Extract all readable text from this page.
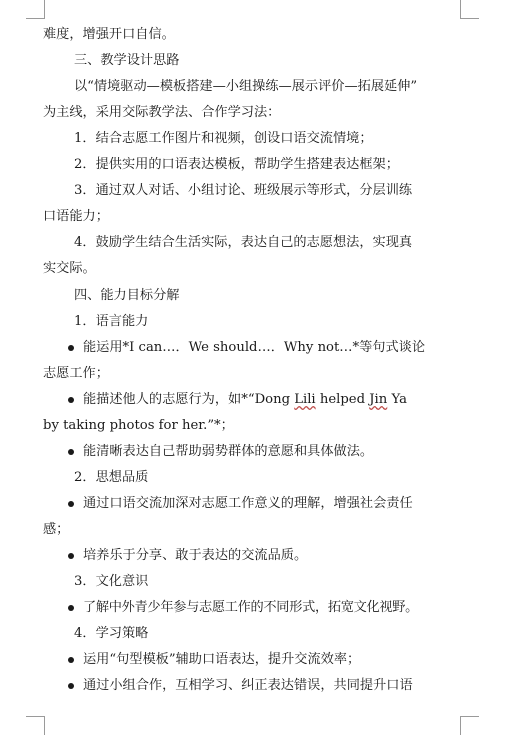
难度，增强开口自信。
三、教学设计思路
以“情境驱动—模板搭建—小组操练—展示评价—拓展延伸”
为主线，采用交际教学法、合作学习法：
1．结合志愿工作图片和视频，创设口语交流情境；
2．提供实用的口语表达模板，帮助学生搭建表达框架；
3．通过双人对话、小组讨论、班级展示等形式，分层训练
口语能力；
4．鼓励学生结合生活实际，表达自己的志愿想法，实现真
实交际。
四、能力目标分解
1．语言能力
能运用*I can…．We should…．Why not…*等句式谈论
志愿工作；
能描述他人的志愿行为，如*“Dong Lili helped Jin Ya
by taking photos for her.”*；
能清晰表达自己帮助弱势群体的意愿和具体做法。
2．思想品质
通过口语交流加深对志愿工作意义的理解，增强社会责任
感；
培养乐于分享、敢于表达的交流品质。
3．文化意识
了解中外青少年参与志愿工作的不同形式，拓宽文化视野。
4．学习策略
运用“句型模板”辅助口语表达，提升交流效率；
通过小组合作，互相学习、纠正表达错误，共同提升口语
